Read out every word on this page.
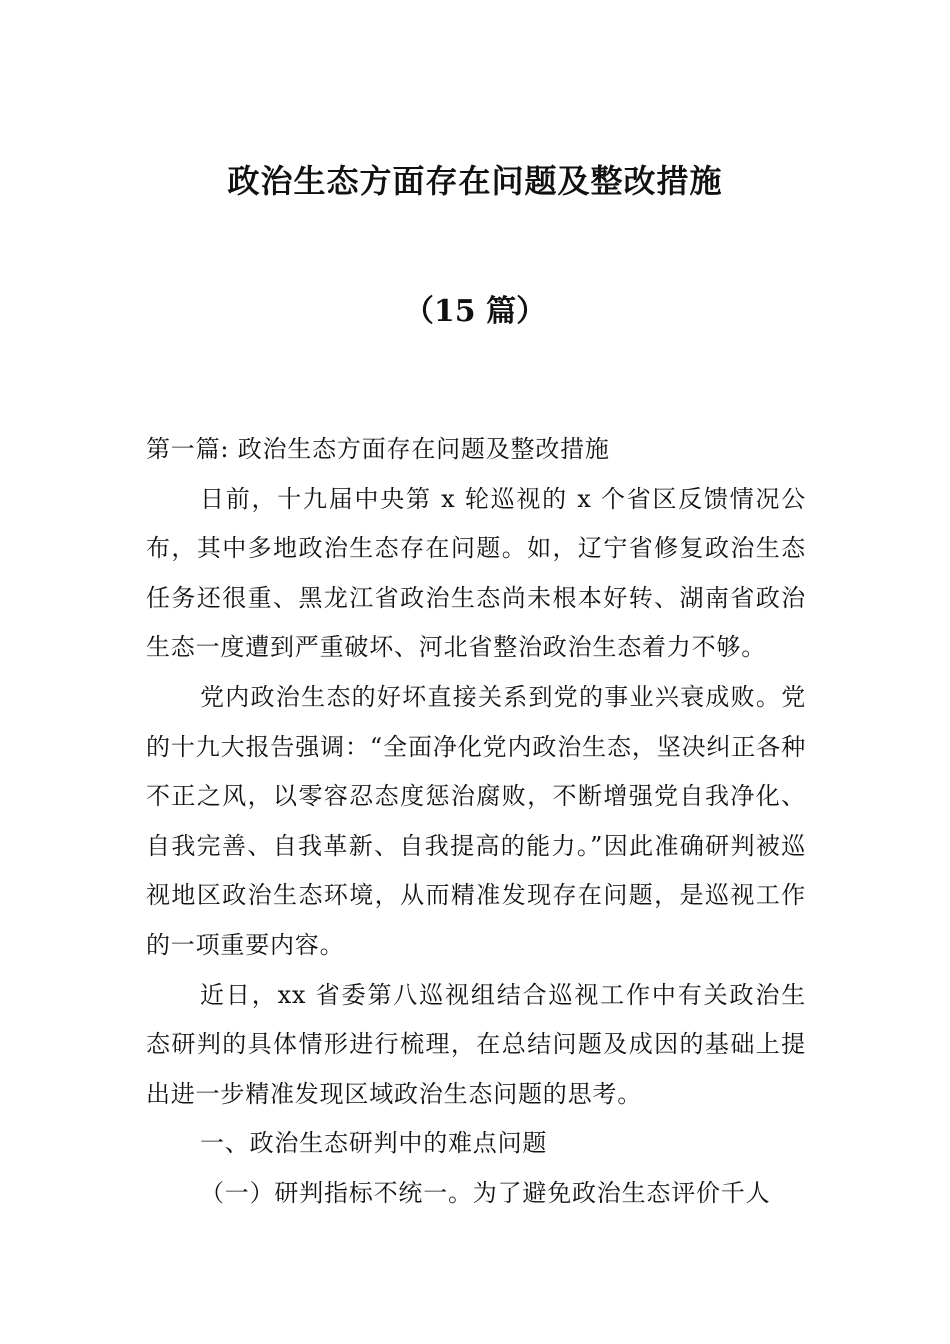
政治生态方面存在问题及整改措施
（15 篇）

第一篇: 政治生态方面存在问题及整改措施

日前，十九届中央第 x 轮巡视的 x 个省区反馈情况公布，其中多地政治生态存在问题。如，辽宁省修复政治生态任务还很重、黑龙江省政治生态尚未根本好转、湖南省政治生态一度遭到严重破坏、河北省整治政治生态着力不够。

党内政治生态的好坏直接关系到党的事业兴衰成败。党的十九大报告强调：“全面净化党内政治生态，坚决纠正各种不正之风，以零容忍态度惩治腐败，不断增强党自我净化、自我完善、自我革新、自我提高的能力。”因此准确研判被巡视地区政治生态环境，从而精准发现存在问题，是巡视工作的一项重要内容。

近日，xx 省委第八巡视组结合巡视工作中有关政治生态研判的具体情形进行梳理，在总结问题及成因的基础上提出进一步精准发现区域政治生态问题的思考。

一、政治生态研判中的难点问题

（一）研判指标不统一。为了避免政治生态评价千人
